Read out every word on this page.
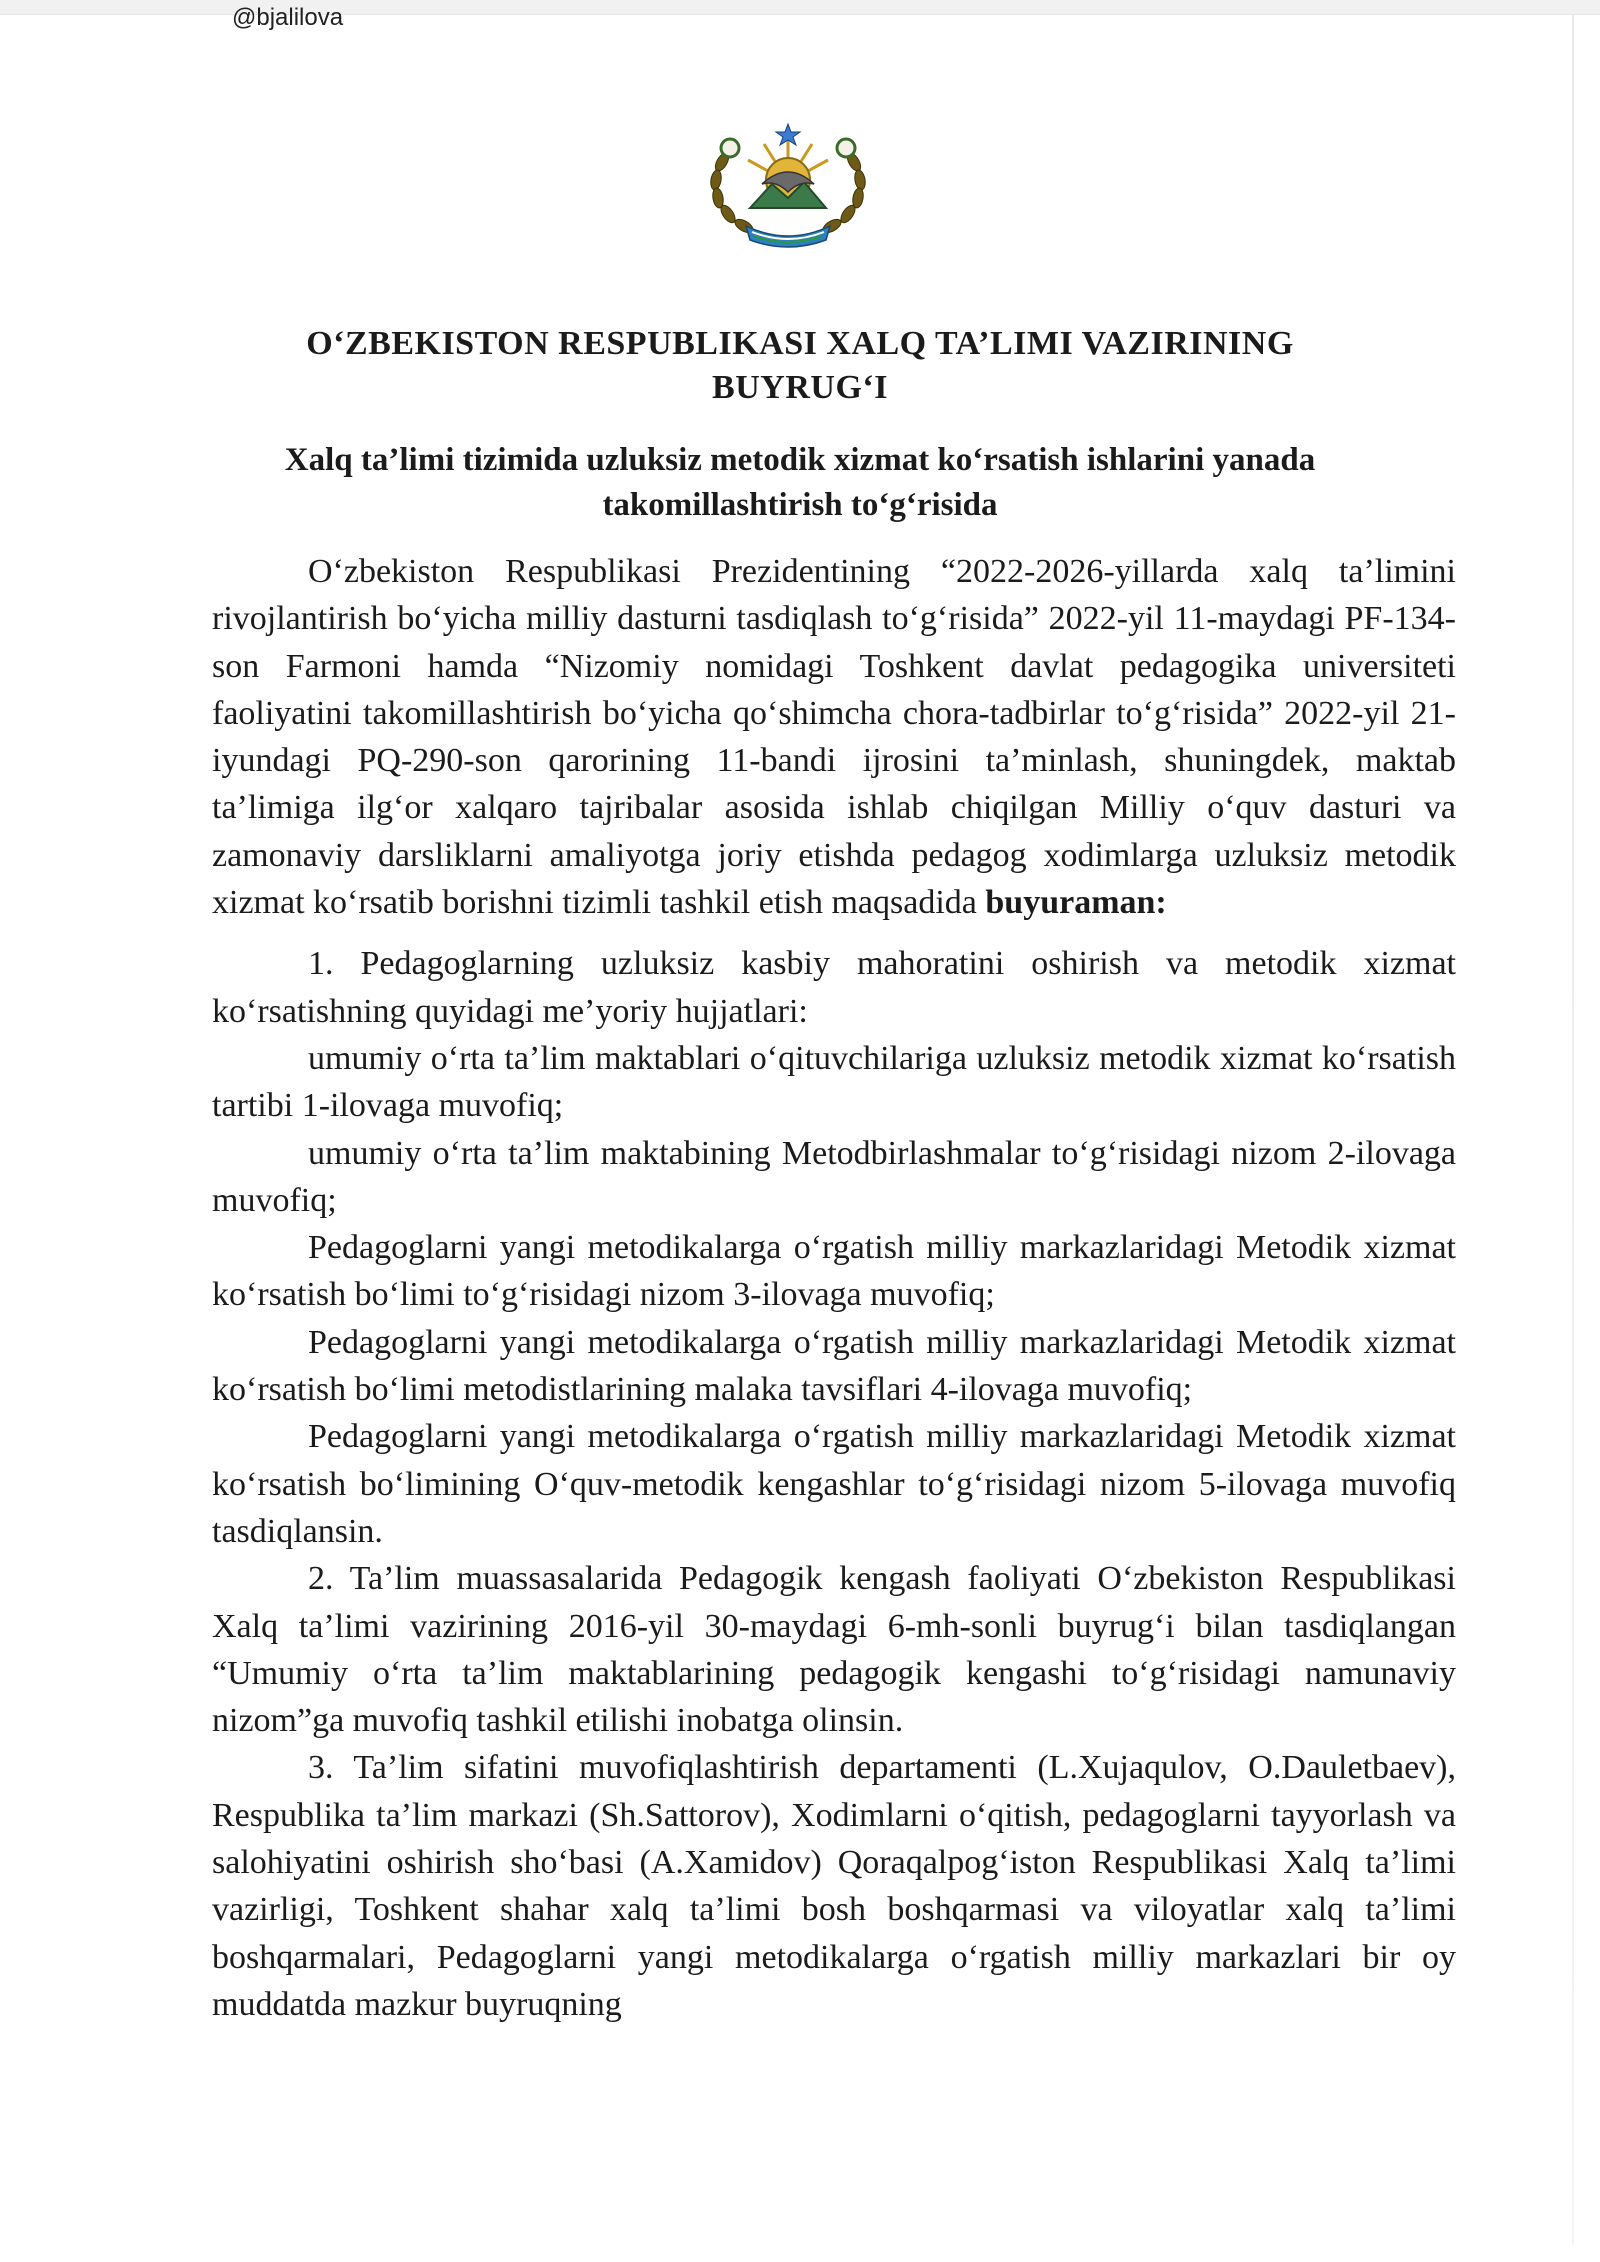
@bjalilova
O‘ZBEKISTON RESPUBLIKASI XALQ TA’LIMI VAZIRINING
BUYRUG‘I
Xalq ta’limi tizimida uzluksiz metodik xizmat ko‘rsatish ishlarini yanada
takomillashtirish to‘g‘risida

O‘zbekiston Respublikasi Prezidentining “2022-2026-yillarda xalq ta’limini rivojlantirish bo‘yicha milliy dasturni tasdiqlash to‘g‘risida” 2022-yil 11-maydagi PF-134-son Farmoni hamda “Nizomiy nomidagi Toshkent davlat pedagogika universiteti faoliyatini takomillashtirish bo‘yicha qo‘shimcha chora-tadbirlar to‘g‘risida” 2022-yil 21-iyundagi PQ-290-son qarorining 11-bandi ijrosini ta’minlash, shuningdek, maktab ta’limiga ilg‘or xalqaro tajribalar asosida ishlab chiqilgan Milliy o‘quv dasturi va zamonaviy darsliklarni amaliyotga joriy etishda pedagog xodimlarga uzluksiz metodik xizmat ko‘rsatib borishni tizimli tashkil etish maqsadida buyuraman:

1. Pedagoglarning uzluksiz kasbiy mahoratini oshirish va metodik xizmat ko‘rsatishning quyidagi me’yoriy hujjatlari:

umumiy o‘rta ta’lim maktablari o‘qituvchilariga uzluksiz metodik xizmat ko‘rsatish tartibi 1-ilovaga muvofiq;

umumiy o‘rta ta’lim maktabining Metodbirlashmalar to‘g‘risidagi nizom 2-ilovaga muvofiq;

Pedagoglarni yangi metodikalarga o‘rgatish milliy markazlaridagi Metodik xizmat ko‘rsatish bo‘limi to‘g‘risidagi nizom 3-ilovaga muvofiq;

Pedagoglarni yangi metodikalarga o‘rgatish milliy markazlaridagi Metodik xizmat ko‘rsatish bo‘limi metodistlarining malaka tavsiflari 4-ilovaga muvofiq;

Pedagoglarni yangi metodikalarga o‘rgatish milliy markazlaridagi Metodik xizmat ko‘rsatish bo‘limining O‘quv-metodik kengashlar to‘g‘risidagi nizom 5-ilovaga muvofiq tasdiqlansin.

2. Ta’lim muassasalarida Pedagogik kengash faoliyati O‘zbekiston Respublikasi Xalq ta’limi vazirining 2016-yil 30-maydagi 6-mh-sonli buyrug‘i bilan tasdiqlangan “Umumiy o‘rta ta’lim maktablarining pedagogik kengashi to‘g‘risidagi namunaviy nizom”ga muvofiq tashkil etilishi inobatga olinsin.

3. Ta’lim sifatini muvofiqlashtirish departamenti (L.Xujaqulov, O.Dauletbaev), Respublika ta’lim markazi (Sh.Sattorov), Xodimlarni o‘qitish, pedagoglarni tayyorlash va salohiyatini oshirish sho‘basi (A.Xamidov) Qoraqalpog‘iston Respublikasi Xalq ta’limi vazirligi, Toshkent shahar xalq ta’limi bosh boshqarmasi va viloyatlar xalq ta’limi boshqarmalari, Pedagoglarni yangi metodikalarga o‘rgatish milliy markazlari bir oy muddatda mazkur buyruqning
